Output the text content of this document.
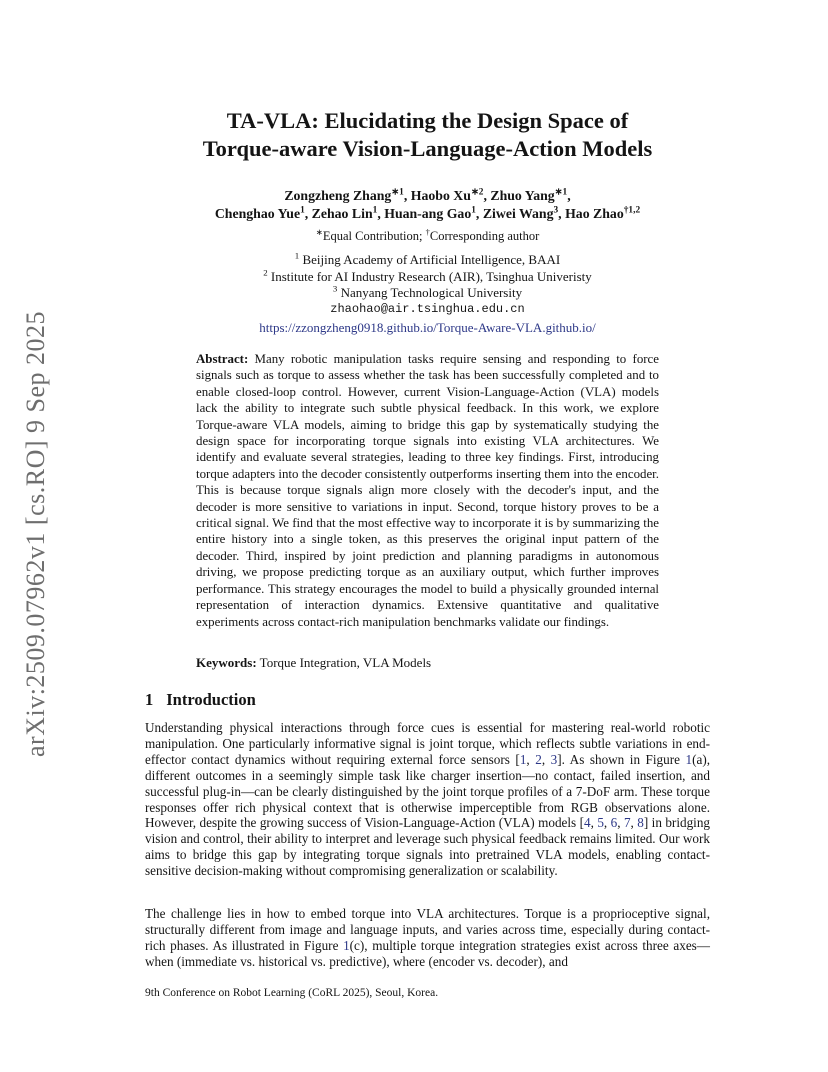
arXiv:2509.07962v1 [cs.RO] 9 Sep 2025
TA-VLA: Elucidating the Design Space of
Torque-aware Vision-Language-Action Models
Zongzheng Zhang$^{∗1}$, Haobo $Xu^{∗2}$, Zhuo Yang$^{∗1}$,
Chenghao Yue$^1$, Zehao Lin$^1$, Huan-ang Gao$^1$, Ziwei Wang$^3$, Hao Zhao$^{\dagger 1,2}$
∗Equal Contribution; †Corresponding author
$^1$ Beijing Academy of Artificial Intelligence, BAAI
$^2$ Institute for AI Industry Research (AIR), Tsinghua Univeristy
$^3$ Nanyang Technological University
zhaohao@air.tsinghua.edu.cn
https://zzongzheng0918.github.io/Torque-Aware-VLA.github.io/
Abstract: Many robotic manipulation tasks require sensing and responding to force signals such as torque to assess whether the task has been successfully completed and to enable closed-loop control. However, current Vision-Language-Action (VLA) models lack the ability to integrate such subtle physical feedback. In this work, we explore Torque-aware VLA models, aiming to bridge this gap by systematically studying the design space for incorporating torque signals into existing VLA architectures. We identify and evaluate several strategies, leading to three key findings. First, introducing torque adapters into the decoder consistently outperforms inserting them into the encoder. This is because torque signals align more closely with the decoder's input, and the decoder is more sensitive to variations in input. Second, torque history proves to be a critical signal. We find that the most effective way to incorporate it is by summarizing the entire history into a single token, as this preserves the original input pattern of the decoder. Third, inspired by joint prediction and planning paradigms in autonomous driving, we propose predicting torque as an auxiliary output, which further improves performance. This strategy encourages the model to build a physically grounded internal representation of interaction dynamics. Extensive quantitative and qualitative experiments across contact-rich manipulation benchmarks validate our findings.
Keywords: Torque Integration, VLA Models
1 Introduction
Understanding physical interactions through force cues is essential for mastering real-world robotic manipulation. One particularly informative signal is joint torque, which reflects subtle variations in end-effector contact dynamics without requiring external force sensors [1, 2, 3]. As shown in Figure 1(a), different outcomes in a seemingly simple task like charger insertion—no contact, failed insertion, and successful plug-in—can be clearly distinguished by the joint torque profiles of a 7-DoF arm. These torque responses offer rich physical context that is otherwise imperceptible from RGB observations alone. However, despite the growing success of Vision-Language-Action (VLA) models [4, 5, 6, 7, 8] in bridging vision and control, their ability to interpret and leverage such physical feedback remains limited. Our work aims to bridge this gap by integrating torque signals into pretrained VLA models, enabling contact-sensitive decision-making without compromising generalization or scalability.
The challenge lies in how to embed torque into VLA architectures. Torque is a proprioceptive signal, structurally different from image and language inputs, and varies across time, especially during contact-rich phases. As illustrated in Figure 1(c), multiple torque integration strategies exist across three axes—when (immediate vs. historical vs. predictive), where (encoder vs. decoder), and
9th Conference on Robot Learning (CoRL 2025), Seoul, Korea.
